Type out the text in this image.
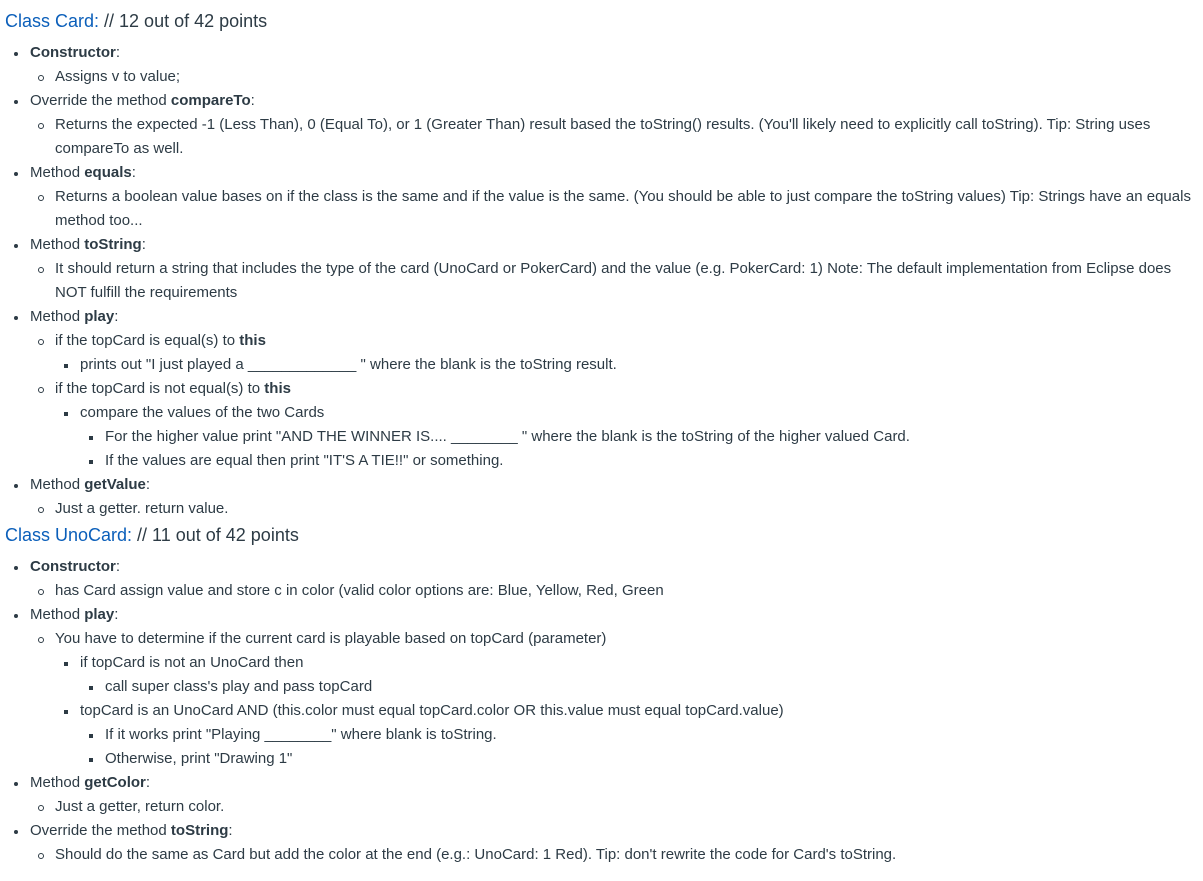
Class Card: // 12 out of 42 points
Constructor:
Assigns v to value;
Override the method compareTo:
Returns the expected -1 (Less Than), 0 (Equal To), or 1 (Greater Than) result based the toString() results. (You'll likely need to explicitly call toString). Tip: String uses compareTo as well.
Method equals:
Returns a boolean value bases on if the class is the same and if the value is the same. (You should be able to just compare the toString values) Tip: Strings have an equals method too...
Method toString:
It should return a string that includes the type of the card (UnoCard or PokerCard) and the value (e.g. PokerCard: 1) Note: The default implementation from Eclipse does NOT fulfill the requirements
Method play:
if the topCard is equal(s) to this
prints out "I just played a _____________ " where the blank is the toString result.
if the topCard is not equal(s) to this
compare the values of the two Cards
For the higher value print "AND THE WINNER IS.... ________ " where the blank is the toString of the higher valued Card.
If the values are equal then print "IT'S A TIE!!" or something.
Method getValue:
Just a getter. return value.
Class UnoCard: // 11 out of 42 points
Constructor:
has Card assign value and store c in color (valid color options are: Blue, Yellow, Red, Green
Method play:
You have to determine if the current card is playable based on topCard (parameter)
if topCard is not an UnoCard then
call super class's play and pass topCard
topCard is an UnoCard AND (this.color must equal topCard.color OR this.value must equal topCard.value)
If it works print "Playing ________" where blank is toString.
Otherwise, print "Drawing 1"
Method getColor:
Just a getter, return color.
Override the method toString:
Should do the same as Card but add the color at the end (e.g.: UnoCard: 1 Red). Tip: don't rewrite the code for Card's toString.
